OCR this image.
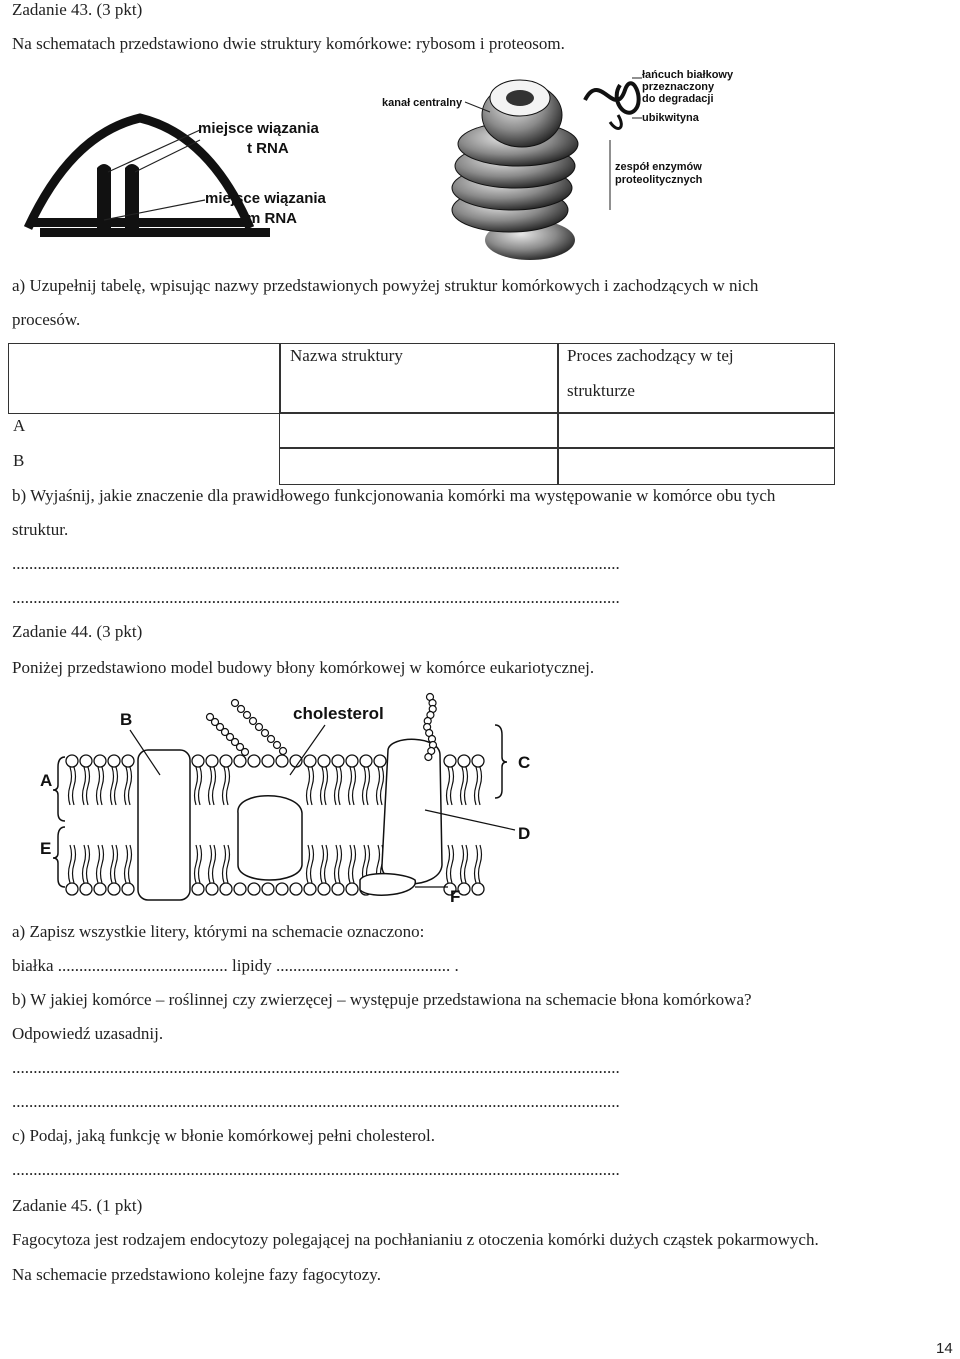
Zadanie 43. (3 pkt)
Na schematach przedstawiono dwie struktury komórkowe: rybosom i proteosom.
miejsce wiązania
t RNA
miejsce wiązania
m RNA
kanał centralny
łańcuch białkowy
przeznaczony
do degradacji
ubikwityna
zespół enzymów
proteolitycznych
a) Uzupełnij tabelę, wpisując nazwy przedstawionych powyżej struktur komórkowych i zachodzących w nich
procesów.
Nazwa struktury	Proces zachodzący w tej
strukturze
A
B
b) Wyjaśnij, jakie znaczenie dla prawidłowego funkcjonowania komórki ma występowanie w komórce obu tych
struktur.
...............................................................................................................................................
...............................................................................................................................................
Zadanie 44. (3 pkt)
Poniżej przedstawiono model budowy błony komórkowej w komórce eukariotycznej.
B	cholesterol
A
C
D
E
F
a) Zapisz wszystkie litery, którymi na schemacie oznaczono:
białka ........................................ lipidy ......................................... .
b) W jakiej komórce – roślinnej czy zwierzęcej – występuje przedstawiona na schemacie błona komórkowa?
Odpowiedź uzasadnij.
...............................................................................................................................................
...............................................................................................................................................
c) Podaj, jaką funkcję w błonie komórkowej pełni cholesterol.
...............................................................................................................................................
Zadanie 45. (1 pkt)
Fagocytoza jest rodzajem endocytozy polegającej na pochłanianiu z otoczenia komórki dużych cząstek pokarmowych.
Na schemacie przedstawiono kolejne fazy fagocytozy.
14
